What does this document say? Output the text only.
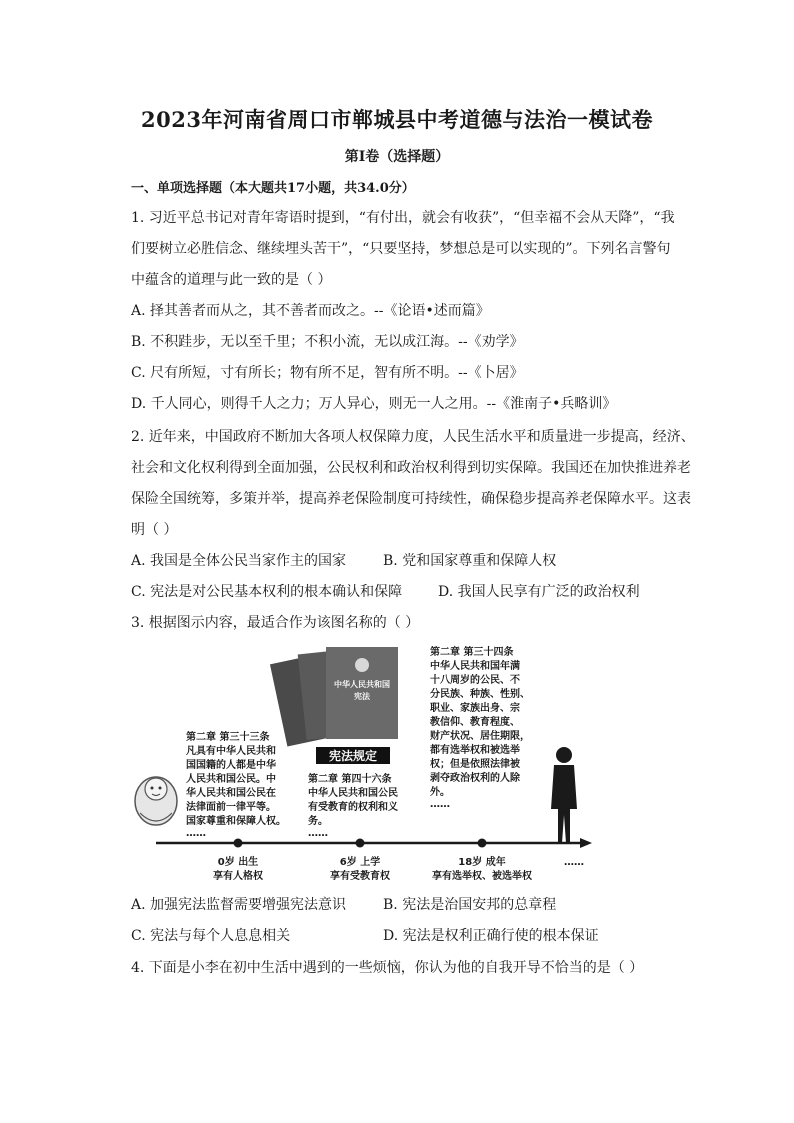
2023年河南省周口市郸城县中考道德与法治一模试卷
第Ⅰ卷（选择题）
一、单项选择题（本大题共17小题，共34.0分）
1. 习近平总书记对青年寄语时提到，“有付出，就会有收获”，“但幸福不会从天降”，“我
们要树立必胜信念、继续埋头苦干”，“只要坚持，梦想总是可以实现的”。下列名言警句
中蕴含的道理与此一致的是（ ）
A. 择其善者而从之，其不善者而改之。--《论语•述而篇》
B. 不积跬步，无以至千里；不积小流，无以成江海。--《劝学》
C. 尺有所短，寸有所长；物有所不足，智有所不明。--《卜居》
D. 千人同心，则得千人之力；万人异心，则无一人之用。--《淮南子•兵略训》
2. 近年来，中国政府不断加大各项人权保障力度，人民生活水平和质量进一步提高，经济、
社会和文化权利得到全面加强，公民权利和政治权利得到切实保障。我国还在加快推进养老
保险全国统筹，多策并举，提高养老保险制度可持续性，确保稳步提高养老保障水平。这表
明（ ）
A. 我国是全体公民当家作主的国家	B. 党和国家尊重和保障人权
C. 宪法是对公民基本权利的根本确认和保障	D. 我国人民享有广泛的政治权利
3. 根据图示内容，最适合作为该图名称的（ ）
中华人民共和国
宪法
宪法规定
第二章 第三十三条
凡具有中华人民共和
国国籍的人都是中华
人民共和国公民。中
华人民共和国公民在
法律面前一律平等。
国家尊重和保障人权。
……
第二章 第四十六条
中华人民共和国公民
有受教育的权利和义
务。
……
第二章 第三十四条
中华人民共和国年满
十八周岁的公民、不
分民族、种族、性别、
职业、家族出身、宗
教信仰、教育程度、
财产状况、居住期限，
都有选举权和被选举
权；但是依照法律被
剥夺政治权利的人除
外。
……
0岁 出生
享有人格权
6岁 上学
享有受教育权
18岁 成年
享有选举权、被选举权
……
A. 加强宪法监督需要增强宪法意识	B. 宪法是治国安邦的总章程
C. 宪法与每个人息息相关	D. 宪法是权利正确行使的根本保证
4. 下面是小李在初中生活中遇到的一些烦恼，你认为他的自我开导不恰当的是（ ）
